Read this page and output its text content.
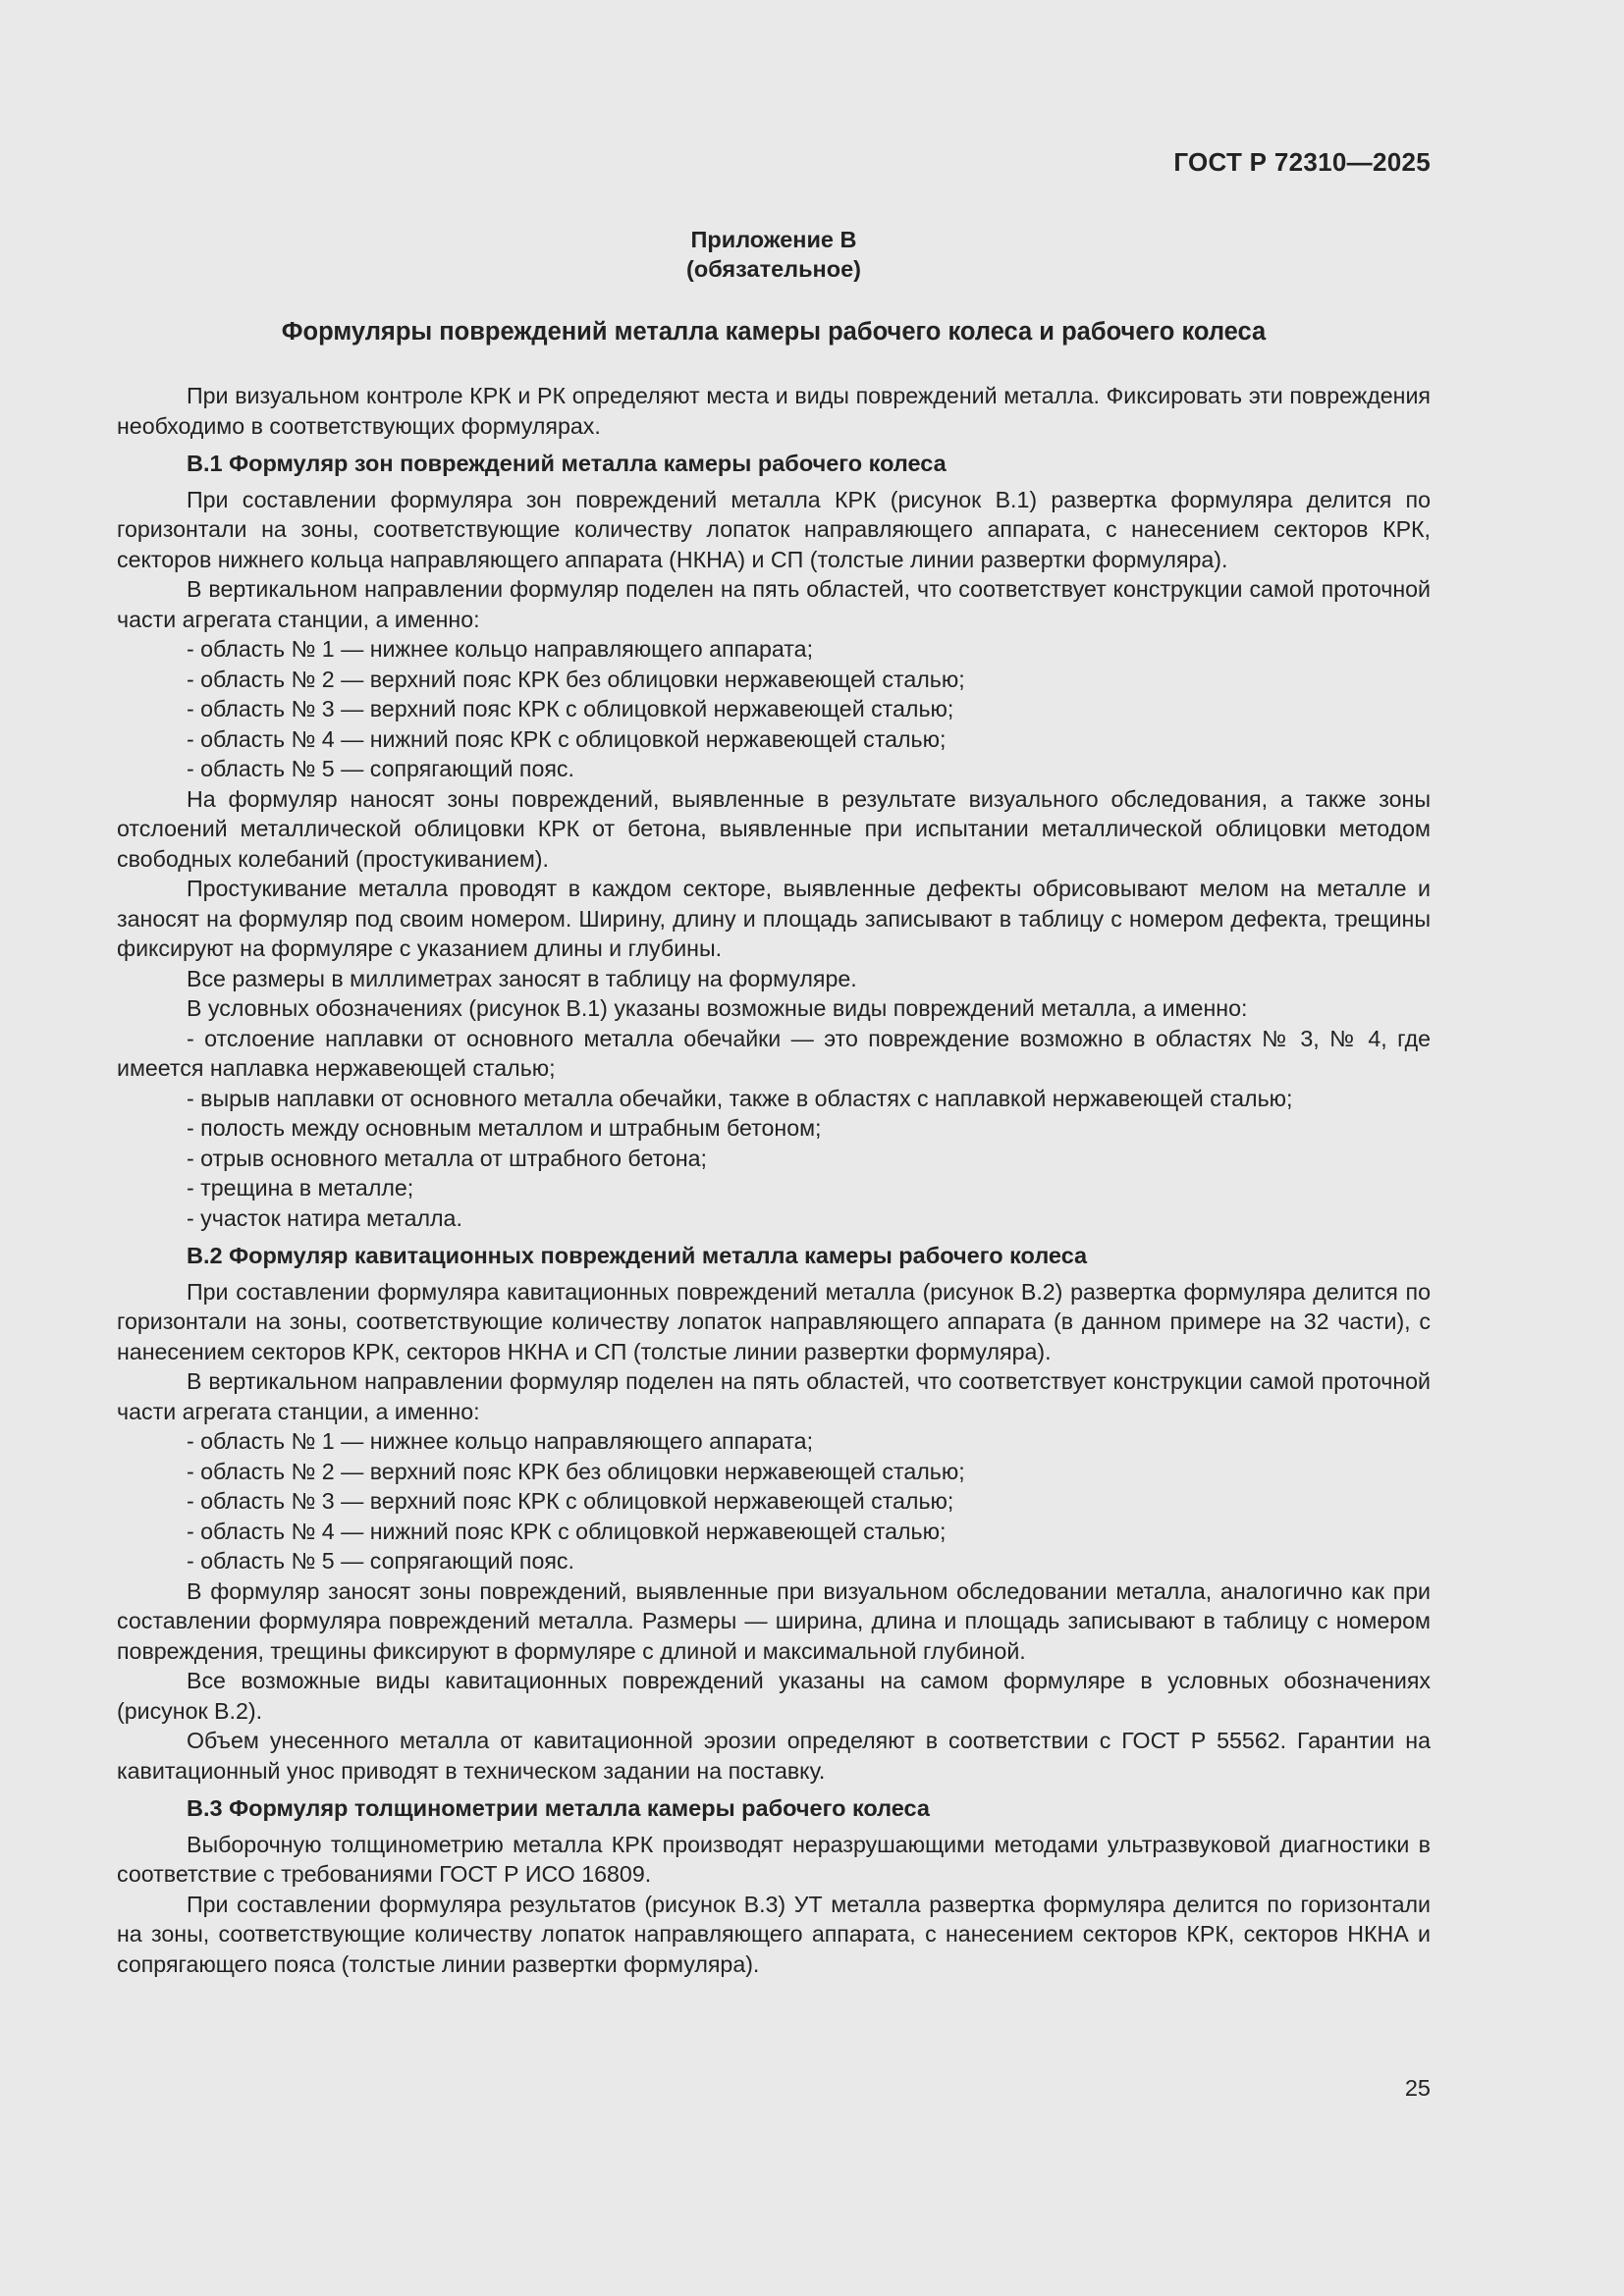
ГОСТ Р 72310—2025
Приложение В
(обязательное)
Формуляры повреждений металла камеры рабочего колеса и рабочего колеса

При визуальном контроле КРК и РК определяют места и виды повреждений металла. Фиксировать эти повреждения необходимо в соответствующих формулярах.

В.1 Формуляр зон повреждений металла камеры рабочего колеса

При составлении формуляра зон повреждений металла КРК (рисунок В.1) развертка формуляра делится по горизонтали на зоны, соответствующие количеству лопаток направляющего аппарата, с нанесением секторов КРК, секторов нижнего кольца направляющего аппарата (НКНА) и СП (толстые линии развертки формуляра).

В вертикальном направлении формуляр поделен на пять областей, что соответствует конструкции самой проточной части агрегата станции, а именно:

- область № 1 — нижнее кольцо направляющего аппарата;

- область № 2 — верхний пояс КРК без облицовки нержавеющей сталью;

- область № 3 — верхний пояс КРК с облицовкой нержавеющей сталью;

- область № 4 — нижний пояс КРК с облицовкой нержавеющей сталью;

- область № 5 — сопрягающий пояс.

На формуляр наносят зоны повреждений, выявленные в результате визуального обследования, а также зоны отслоений металлической облицовки КРК от бетона, выявленные при испытании металлической облицовки методом свободных колебаний (простукиванием).

Простукивание металла проводят в каждом секторе, выявленные дефекты обрисовывают мелом на металле и заносят на формуляр под своим номером. Ширину, длину и площадь записывают в таблицу с номером дефекта, трещины фиксируют на формуляре с указанием длины и глубины.

Все размеры в миллиметрах заносят в таблицу на формуляре.

В условных обозначениях (рисунок В.1) указаны возможные виды повреждений металла, а именно:

- отслоение наплавки от основного металла обечайки — это повреждение возможно в областях № 3, № 4, где имеется наплавка нержавеющей сталью;

- вырыв наплавки от основного металла обечайки, также в областях с наплавкой нержавеющей сталью;

- полость между основным металлом и штрабным бетоном;

- отрыв основного металла от штрабного бетона;

- трещина в металле;

- участок натира металла.

В.2 Формуляр кавитационных повреждений металла камеры рабочего колеса

При составлении формуляра кавитационных повреждений металла (рисунок В.2) развертка формуляра делится по горизонтали на зоны, соответствующие количеству лопаток направляющего аппарата (в данном примере на 32 части), с нанесением секторов КРК, секторов НКНА и СП (толстые линии развертки формуляра).

В вертикальном направлении формуляр поделен на пять областей, что соответствует конструкции самой проточной части агрегата станции, а именно:

- область № 1 — нижнее кольцо направляющего аппарата;

- область № 2 — верхний пояс КРК без облицовки нержавеющей сталью;

- область № 3 — верхний пояс КРК с облицовкой нержавеющей сталью;

- область № 4 — нижний пояс КРК с облицовкой нержавеющей сталью;

- область № 5 — сопрягающий пояс.

В формуляр заносят зоны повреждений, выявленные при визуальном обследовании металла, аналогично как при составлении формуляра повреждений металла. Размеры — ширина, длина и площадь записывают в таблицу с номером повреждения, трещины фиксируют в формуляре с длиной и максимальной глубиной.

Все возможные виды кавитационных повреждений указаны на самом формуляре в условных обозначениях (рисунок В.2).

Объем унесенного металла от кавитационной эрозии определяют в соответствии с ГОСТ Р 55562. Гарантии на кавитационный унос приводят в техническом задании на поставку.

В.3 Формуляр толщинометрии металла камеры рабочего колеса

Выборочную толщинометрию металла КРК производят неразрушающими методами ультразвуковой диагностики в соответствие с требованиями ГОСТ Р ИСО 16809.

При составлении формуляра результатов (рисунок В.3) УТ металла развертка формуляра делится по горизонтали на зоны, соответствующие количеству лопаток направляющего аппарата, с нанесением секторов КРК, секторов НКНА и сопрягающего пояса (толстые линии развертки формуляра).

25
